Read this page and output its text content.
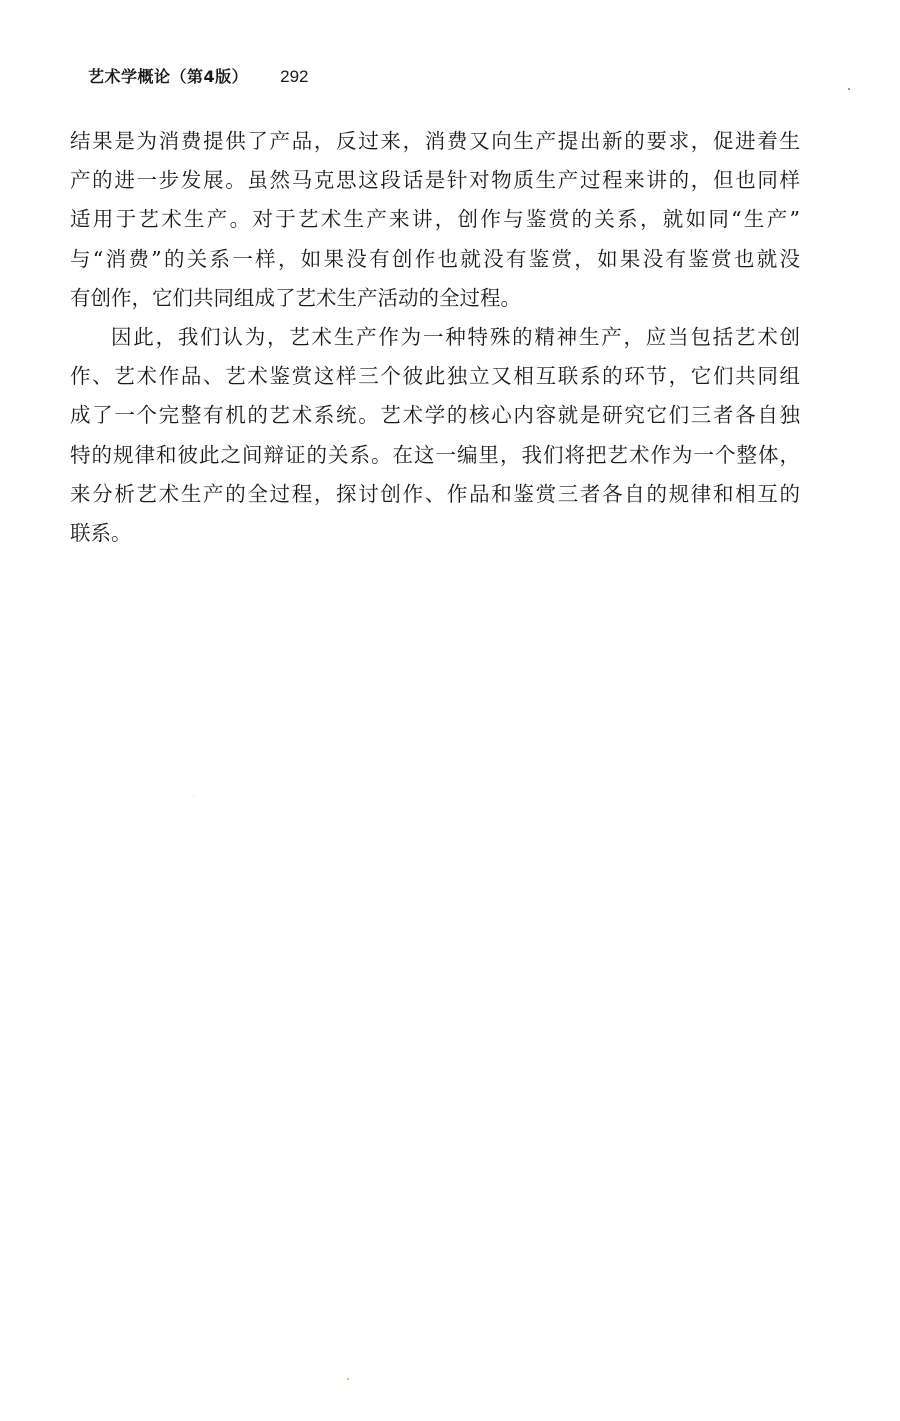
艺术学概论（第4版） 292
结果是为消费提供了产品，反过来，消费又向生产提出新的要求，促进着生
产的进一步发展。虽然马克思这段话是针对物质生产过程来讲的，但也同样
适用于艺术生产。对于艺术生产来讲，创作与鉴赏的关系，就如同“生产”
与“消费”的关系一样，如果没有创作也就没有鉴赏，如果没有鉴赏也就没
有创作，它们共同组成了艺术生产活动的全过程。
因此，我们认为，艺术生产作为一种特殊的精神生产，应当包括艺术创
作、艺术作品、艺术鉴赏这样三个彼此独立又相互联系的环节，它们共同组
成了一个完整有机的艺术系统。艺术学的核心内容就是研究它们三者各自独
特的规律和彼此之间辩证的关系。在这一编里，我们将把艺术作为一个整体，
来分析艺术生产的全过程，探讨创作、作品和鉴赏三者各自的规律和相互的
联系。
